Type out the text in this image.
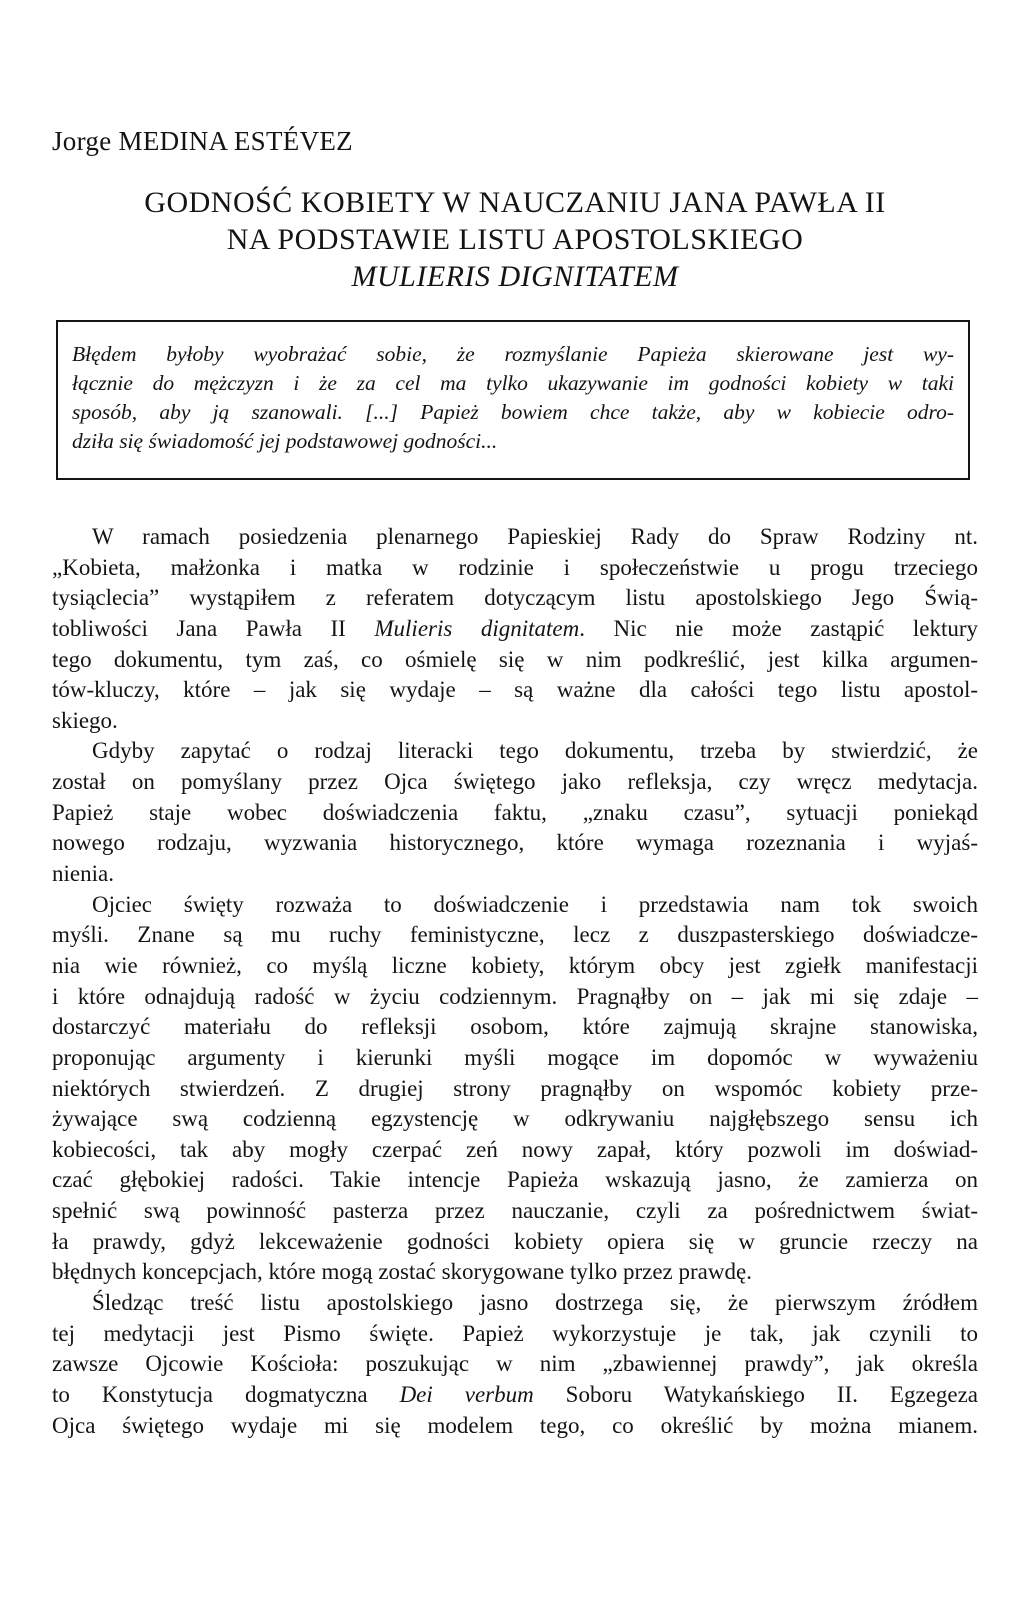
Jorge MEDINA ESTÉVEZ
GODNOŚĆ KOBIETY W NAUCZANIU JANA PAWŁA II
NA PODSTAWIE LISTU APOSTOLSKIEGO
MULIERIS DIGNITATEM
Błędem byłoby wyobrażać sobie, że rozmyślanie Papieża skierowane jest wy-
łącznie do mężczyzn i że za cel ma tylko ukazywanie im godności kobiety w taki
sposób, aby ją szanowali. [...] Papież bowiem chce także, aby w kobiecie odro-
dziła się świadomość jej podstawowej godności...
W ramach posiedzenia plenarnego Papieskiej Rady do Spraw Rodziny nt.
„Kobieta, małżonka i matka w rodzinie i społeczeństwie u progu trzeciego
tysiąclecia” wystąpiłem z referatem dotyczącym listu apostolskiego Jego Świą-
tobliwości Jana Pawła II Mulieris dignitatem. Nic nie może zastąpić lektury
tego dokumentu, tym zaś, co ośmielę się w nim podkreślić, jest kilka argumen-
tów-kluczy, które – jak się wydaje – są ważne dla całości tego listu apostol-
skiego.
Gdyby zapytać o rodzaj literacki tego dokumentu, trzeba by stwierdzić, że
został on pomyślany przez Ojca świętego jako refleksja, czy wręcz medytacja.
Papież staje wobec doświadczenia faktu, „znaku czasu”, sytuacji poniekąd
nowego rodzaju, wyzwania historycznego, które wymaga rozeznania i wyjaś-
nienia.
Ojciec święty rozważa to doświadczenie i przedstawia nam tok swoich
myśli. Znane są mu ruchy feministyczne, lecz z duszpasterskiego doświadcze-
nia wie również, co myślą liczne kobiety, którym obcy jest zgiełk manifestacji
i które odnajdują radość w życiu codziennym. Pragnąłby on – jak mi się zdaje –
dostarczyć materiału do refleksji osobom, które zajmują skrajne stanowiska,
proponując argumenty i kierunki myśli mogące im dopomóc w wyważeniu
niektórych stwierdzeń. Z drugiej strony pragnąłby on wspomóc kobiety prze-
żywające swą codzienną egzystencję w odkrywaniu najgłębszego sensu ich
kobiecości, tak aby mogły czerpać zeń nowy zapał, który pozwoli im doświad-
czać głębokiej radości. Takie intencje Papieża wskazują jasno, że zamierza on
spełnić swą powinność pasterza przez nauczanie, czyli za pośrednictwem świat-
ła prawdy, gdyż lekceważenie godności kobiety opiera się w gruncie rzeczy na
błędnych koncepcjach, które mogą zostać skorygowane tylko przez prawdę.
Śledząc treść listu apostolskiego jasno dostrzega się, że pierwszym źródłem
tej medytacji jest Pismo święte. Papież wykorzystuje je tak, jak czynili to
zawsze Ojcowie Kościoła: poszukując w nim „zbawiennej prawdy”, jak określa
to Konstytucja dogmatyczna Dei verbum Soboru Watykańskiego II. Egzegeza
Ojca świętego wydaje mi się modelem tego, co określić by można mianem.
